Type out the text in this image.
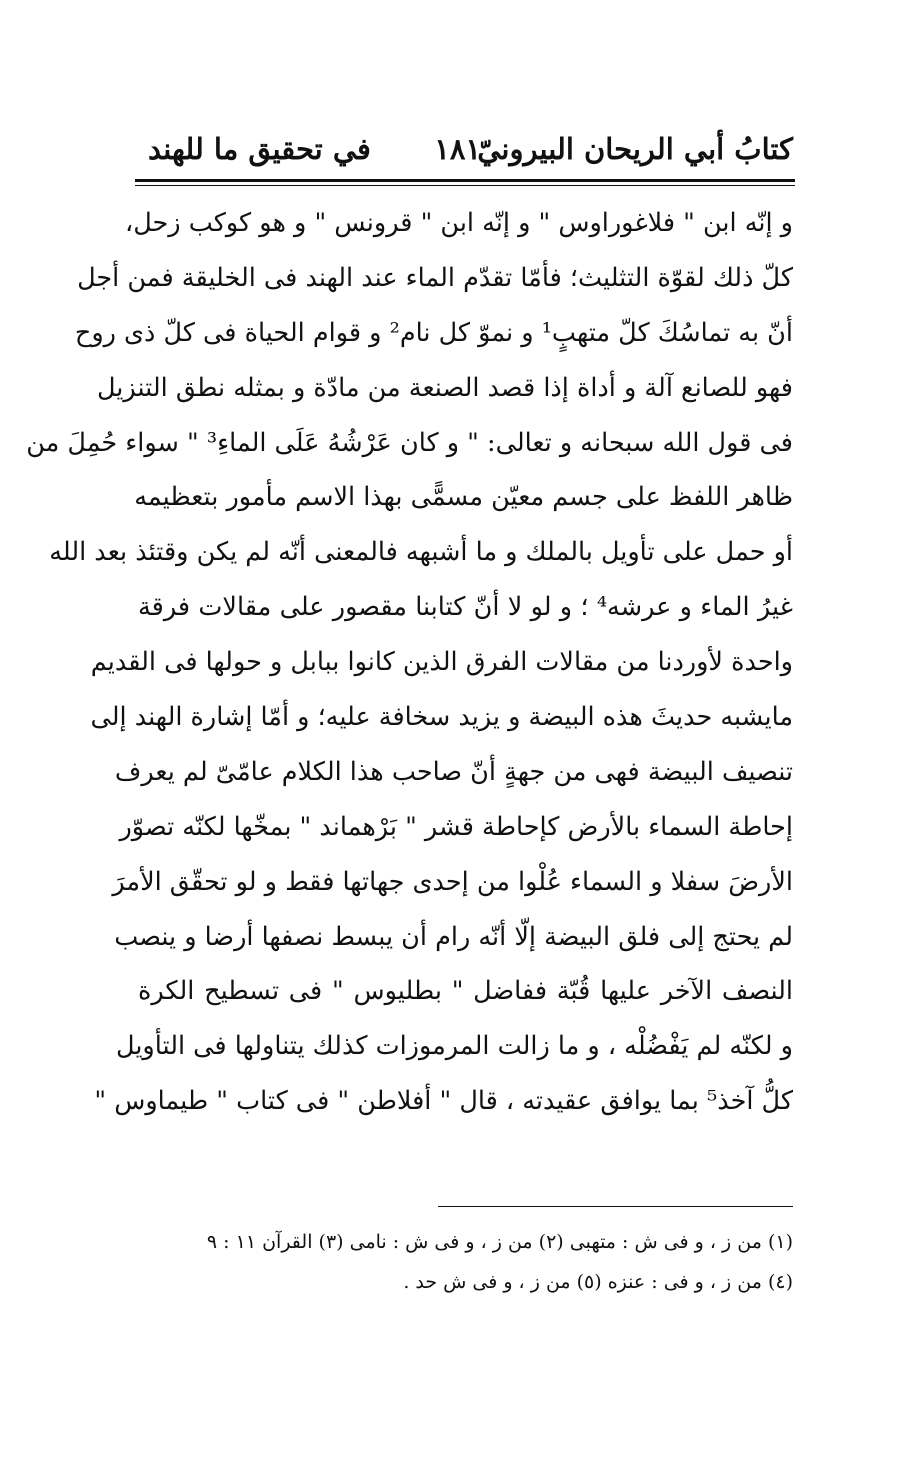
كتابُ أبي الريحان البيرونيّ
١٨١
في تحقيق ما للهند
و إنّه ابن " فلاغوراوس " و إنّه ابن " قرونس " و هو كوكب زحل،
كلّ ذلك لقوّة التثليث؛ فأمّا تقدّم الماء عند الهند فى الخليقة فمن أجل
أنّ به تماسُكَ كلّ متهبٍ¹ و نموّ كل نام² و قوام الحياة فى كلّ ذى روح
فهو للصانع آلة و أداة إذا قصد الصنعة من مادّة و بمثله نطق التنزيل
فى قول الله سبحانه و تعالى: " و كان عَرْشُهُ عَلَى الماءِ³ " سواء حُمِلَ من
ظاهر اللفظ على جسم معيّن مسمًّى بهذا الاسم مأمور بتعظيمه
أو حمل على تأويل بالملك و ما أشبهه فالمعنى أنّه لم يكن وقتئذ بعد الله
غيرُ الماء و عرشه⁴ ؛ و لو لا أنّ كتابنا مقصور على مقالات فرقة
واحدة لأوردنا من مقالات الفرق الذين كانوا ببابل و حولها فى القديم
مايشبه حديثَ هذه البيضة و يزيد سخافة عليه؛ و أمّا إشارة الهند إلى
تنصيف البيضة فهى من جهةٍ أنّ صاحب هذا الكلام عامّىّ لم يعرف
إحاطة السماء بالأرض كإحاطة قشر " بَرْهماند " بمخّها لكنّه تصوّر
الأرضَ سفلا و السماء عُلْوا من إحدى جهاتها فقط و لو تحقّق الأمرَ
لم يحتج إلى فلق البيضة إلّا أنّه رام أن يبسط نصفها أرضا و ينصب
النصف الآخر عليها قُبّة ففاضل " بطليوس " فى تسطيح الكرة
و لكنّه لم يَفْضُلْه ، و ما زالت المرموزات كذلك يتناولها فى التأويل
كلُّ آخذ⁵ بما يوافق عقيدته ، قال " أفلاطن " فى كتاب " طيماوس "
(١) من ز ، و فى ش : متهبى (٢) من ز ، و فى ش : نامى (٣) القرآن ١١ : ٩
(٤) من ز ، و فى : عنزه (٥) من ز ، و فى ش حد .
